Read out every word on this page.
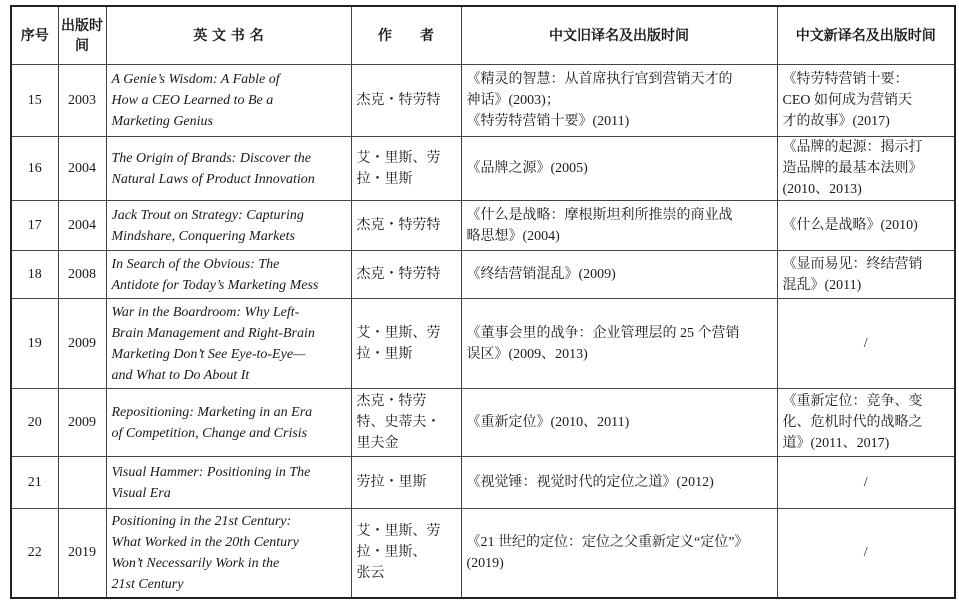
序号	出版时间	英 文 书 名	作　　者	中文旧译名及出版时间	中文新译名及出版时间
15	2003	A Genie’s Wisdom: A Fable of
How a CEO Learned to Be a
Marketing Genius	杰克・特劳特	《精灵的智慧：从首席执行官到营销天才的
神话》(2003)；
《特劳特营销十要》(2011)	《特劳特营销十要：
CEO 如何成为营销天
才的故事》(2017)

16	2004	The Origin of Brands: Discover the
Natural Laws of Product Innovation	艾・里斯、劳
拉・里斯	《品牌之源》(2005)	《品牌的起源：揭示打
造品牌的最基本法则》
(2010、2013)

17	2004	Jack Trout on Strategy: Capturing
Mindshare, Conquering Markets	杰克・特劳特	《什么是战略：摩根斯坦利所推崇的商业战
略思想》(2004)	《什么是战略》(2010)

18	2008	In Search of the Obvious: The
Antidote for Today’s Marketing Mess	杰克・特劳特	《终结营销混乱》(2009)	《显而易见：终结营销
混乱》(2011)

19	2009	War in the Boardroom: Why Left-
Brain Management and Right-Brain
Marketing Don’t See Eye-to-Eye—
and What to Do About It	艾・里斯、劳
拉・里斯	《董事会里的战争：企业管理层的 25 个营销
误区》(2009、2013)	/

20	2009	Repositioning: Marketing in an Era
of Competition, Change and Crisis	杰克・特劳
特、史蒂夫・
里夫金	《重新定位》(2010、2011)	《重新定位：竞争、变
化、危机时代的战略之
道》(2011、2017)

21		Visual Hammer: Positioning in The
Visual Era	劳拉・里斯	《视觉锤：视觉时代的定位之道》(2012)	/

22	2019	Positioning in the 21st Century:
What Worked in the 20th Century
Won’t Necessarily Work in the
21st Century	艾・里斯、劳
拉・里斯、
张云	《21 世纪的定位：定位之父重新定义“定位”》
(2019)	/
